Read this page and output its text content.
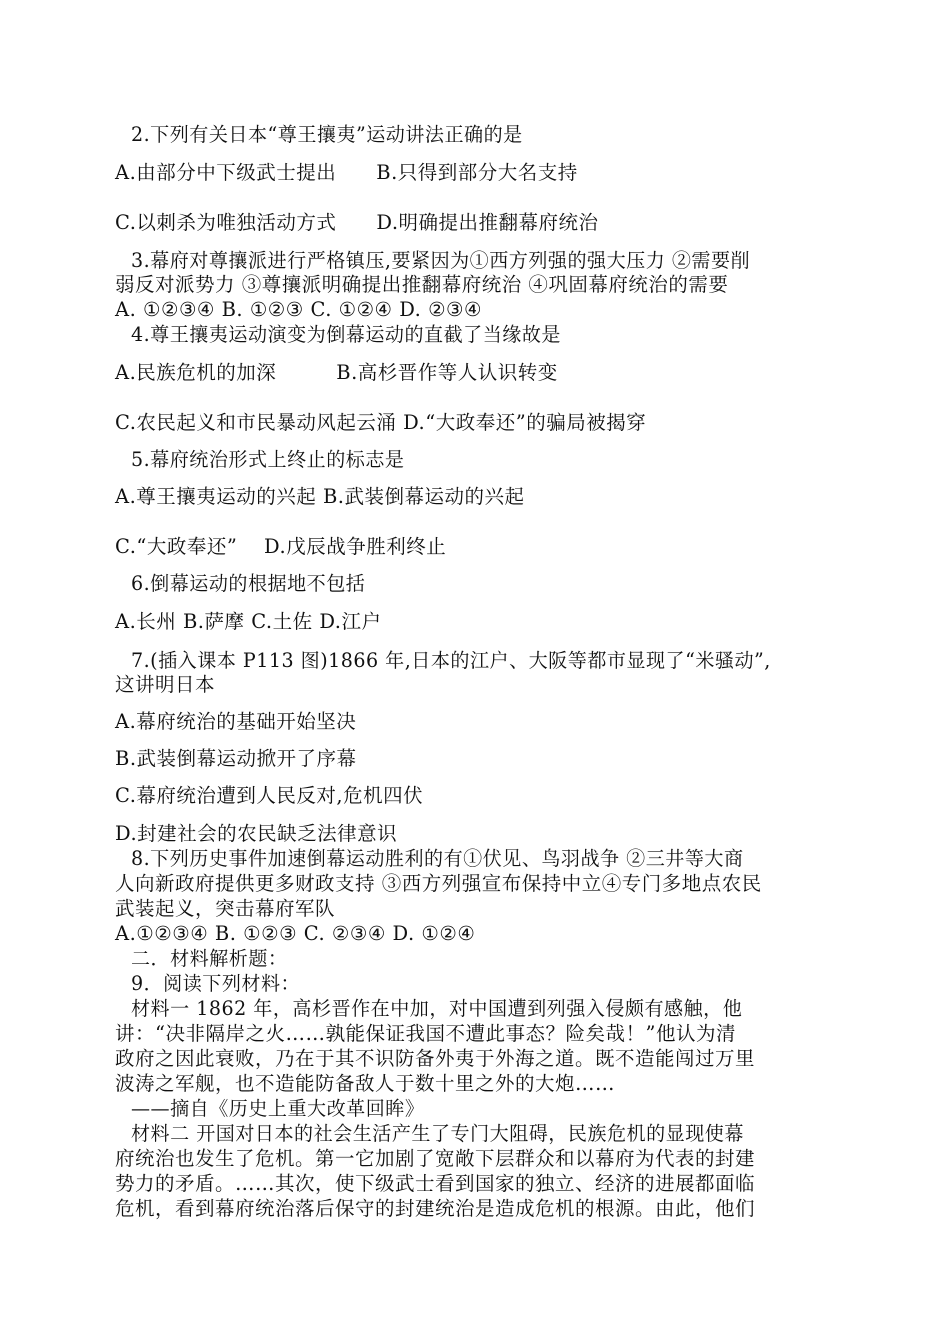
2.下列有关日本“尊王攘夷”运动讲法正确的是
A.由部分中下级武士提出　　B.只得到部分大名支持
C.以刺杀为唯独活动方式　　D.明确提出推翻幕府统治
3.幕府对尊攘派进行严格镇压,要紧因为①西方列强的强大压力 ②需要削
弱反对派势力 ③尊攘派明确提出推翻幕府统治 ④巩固幕府统治的需要
A. ①②③④ B. ①②③ C. ①②④ D. ②③④
4.尊王攘夷运动演变为倒幕运动的直截了当缘故是
A.民族危机的加深　　　B.高杉晋作等人认识转变
C.农民起义和市民暴动风起云涌 D.“大政奉还”的骗局被揭穿
5.幕府统治形式上终止的标志是
A.尊王攘夷运动的兴起 B.武装倒幕运动的兴起
C.“大政奉还”　 D.戊辰战争胜利终止
6.倒幕运动的根据地不包括
A.长州 B.萨摩 C.土佐 D.江户
7.(插入课本 P113 图)1866 年,日本的江户、大阪等都市显现了“米骚动”,
这讲明日本
A.幕府统治的基础开始坚决
B.武装倒幕运动掀开了序幕
C.幕府统治遭到人民反对,危机四伏
D.封建社会的农民缺乏法律意识
8.下列历史事件加速倒幕运动胜利的有①伏见、鸟羽战争 ②三井等大商
人向新政府提供更多财政支持 ③西方列强宣布保持中立④专门多地点农民
武装起义，突击幕府军队
A.①②③④ B. ①②③ C. ②③④ D. ①②④
二．材料解析题：
9．阅读下列材料：
材料一 1862 年，高杉晋作在中加，对中国遭到列强入侵颇有感触，他
讲：“决非隔岸之火……孰能保证我国不遭此事态？险矣哉！”他认为清
政府之因此衰败，乃在于其不识防备外夷于外海之道。既不造能闯过万里
波涛之军舰，也不造能防备敌人于数十里之外的大炮……
——摘自《历史上重大改革回眸》
材料二 开国对日本的社会生活产生了专门大阻碍，民族危机的显现使幕
府统治也发生了危机。第一它加剧了宽敞下层群众和以幕府为代表的封建
势力的矛盾。……其次，使下级武士看到国家的独立、经济的进展都面临
危机，看到幕府统治落后保守的封建统治是造成危机的根源。由此，他们
